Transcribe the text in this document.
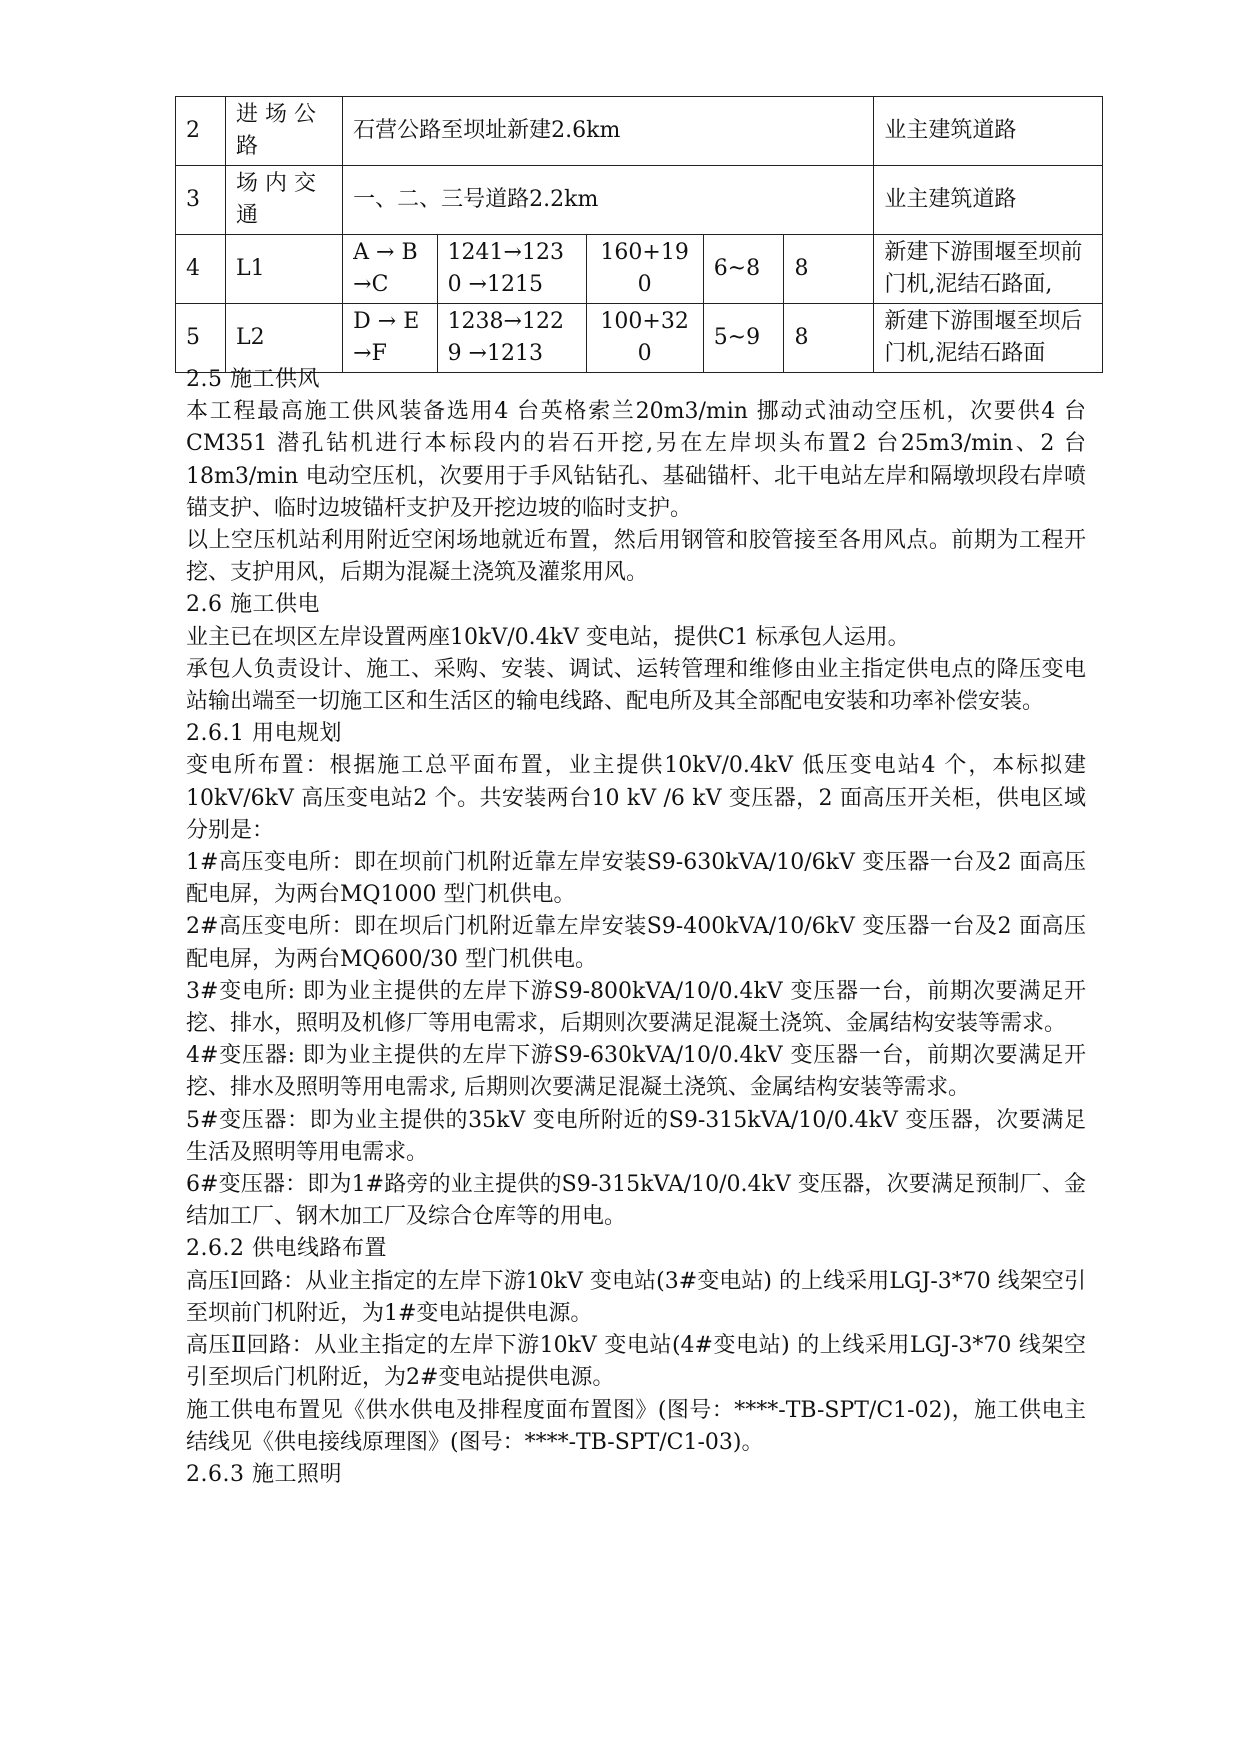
2	进 场 公路	石营公路至坝址新建2.6km					业主建筑道路
3	场 内 交通	一、二、三号道路2.2km					业主建筑道路
4	L1	A → B →C	1241→1230 →1215	160+190	6~8	8	新建下游围堰至坝前门机,泥结石路面,
5	L2	D → E →F	1238→1229 →1213	100+320	5~9	8	新建下游围堰至坝后门机,泥结石路面

2.5 施工供风

本工程最高施工供风装备选用4 台英格索兰20m3/min 挪动式油动空压机，次要供4 台CM351 潜孔钻机进行本标段内的岩石开挖,另在左岸坝头布置2 台25m3/min、2 台18m3/min 电动空压机，次要用于手风钻钻孔、基础锚杆、北干电站左岸和隔墩坝段右岸喷锚支护、临时边坡锚杆支护及开挖边坡的临时支护。

以上空压机站利用附近空闲场地就近布置，然后用钢管和胶管接至各用风点。前期为工程开挖、支护用风，后期为混凝土浇筑及灌浆用风。

2.6 施工供电

业主已在坝区左岸设置两座10kV/0.4kV 变电站，提供C1 标承包人运用。

承包人负责设计、施工、采购、安装、调试、运转管理和维修由业主指定供电点的降压变电站输出端至一切施工区和生活区的输电线路、配电所及其全部配电安装和功率补偿安装。

2.6.1 用电规划

变电所布置：根据施工总平面布置，业主提供10kV/0.4kV 低压变电站4 个，本标拟建10kV/6kV 高压变电站2 个。共安装两台10 kV /6 kV 变压器，2 面高压开关柜，供电区域分别是：

1#高压变电所：即在坝前门机附近靠左岸安装S9-630kVA/10/6kV 变压器一台及2 面高压配电屏，为两台MQ1000 型门机供电。

2#高压变电所：即在坝后门机附近靠左岸安装S9-400kVA/10/6kV 变压器一台及2 面高压配电屏，为两台MQ600/30 型门机供电。

3#变电所: 即为业主提供的左岸下游S9-800kVA/10/0.4kV 变压器一台，前期次要满足开挖、排水，照明及机修厂等用电需求，后期则次要满足混凝土浇筑、金属结构安装等需求。

4#变压器: 即为业主提供的左岸下游S9-630kVA/10/0.4kV 变压器一台，前期次要满足开挖、排水及照明等用电需求, 后期则次要满足混凝土浇筑、金属结构安装等需求。

5#变压器：即为业主提供的35kV 变电所附近的S9-315kVA/10/0.4kV 变压器，次要满足生活及照明等用电需求。

6#变压器：即为1#路旁的业主提供的S9-315kVA/10/0.4kV 变压器，次要满足预制厂、金结加工厂、钢木加工厂及综合仓库等的用电。

2.6.2 供电线路布置

高压Ⅰ回路：从业主指定的左岸下游10kV 变电站(3#变电站) 的上线采用LGJ-3*70 线架空引至坝前门机附近，为1#变电站提供电源。

高压Ⅱ回路：从业主指定的左岸下游10kV 变电站(4#变电站) 的上线采用LGJ-3*70 线架空引至坝后门机附近，为2#变电站提供电源。

施工供电布置见《供水供电及排程度面布置图》(图号：****-TB-SPT/C1-02)，施工供电主结线见《供电接线原理图》(图号：****-TB-SPT/C1-03)。

2.6.3 施工照明
